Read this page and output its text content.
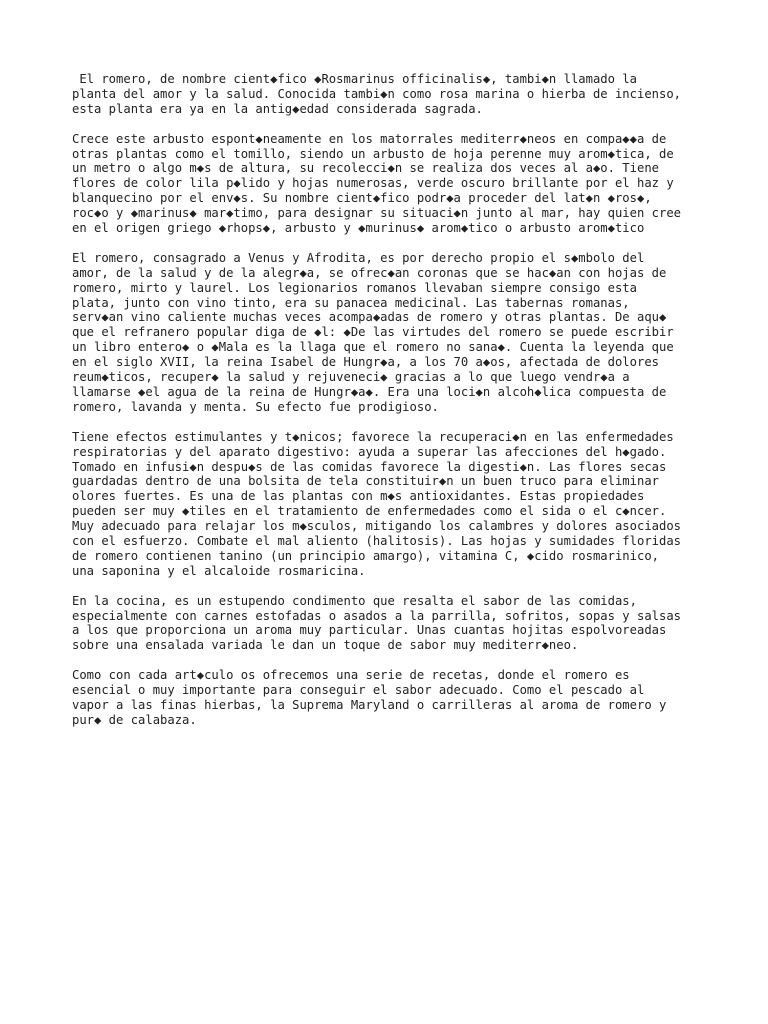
El romero, de nombre cient◆fico ◆Rosmarinus officinalis◆, tambi◆n llamado la
planta del amor y la salud. Conocida tambi◆n como rosa marina o hierba de incienso,
esta planta era ya en la antig◆edad considerada sagrada.
Crece este arbusto espont◆neamente en los matorrales mediterr◆neos en compa◆◆a de
otras plantas como el tomillo, siendo un arbusto de hoja perenne muy arom◆tica, de
un metro o algo m◆s de altura, su recolecci◆n se realiza dos veces al a◆o. Tiene
flores de color lila p◆lido y hojas numerosas, verde oscuro brillante por el haz y
blanquecino por el env◆s. Su nombre cient◆fico podr◆a proceder del lat◆n ◆ros◆,
roc◆o y ◆marinus◆ mar◆timo, para designar su situaci◆n junto al mar, hay quien cree
en el origen griego ◆rhops◆, arbusto y ◆murinus◆ arom◆tico o arbusto arom◆tico
El romero, consagrado a Venus y Afrodita, es por derecho propio el s◆mbolo del
amor, de la salud y de la alegr◆a, se ofrec◆an coronas que se hac◆an con hojas de
romero, mirto y laurel. Los legionarios romanos llevaban siempre consigo esta
plata, junto con vino tinto, era su panacea medicinal. Las tabernas romanas,
serv◆an vino caliente muchas veces acompa◆adas de romero y otras plantas. De aqu◆
que el refranero popular diga de ◆l: ◆De las virtudes del romero se puede escribir
un libro entero◆ o ◆Mala es la llaga que el romero no sana◆. Cuenta la leyenda que
en el siglo XVII, la reina Isabel de Hungr◆a, a los 70 a◆os, afectada de dolores
reum◆ticos, recuper◆ la salud y rejuveneci◆ gracias a lo que luego vendr◆a a
llamarse ◆el agua de la reina de Hungr◆a◆. Era una loci◆n alcoh◆lica compuesta de
romero, lavanda y menta. Su efecto fue prodigioso.
Tiene efectos estimulantes y t◆nicos; favorece la recuperaci◆n en las enfermedades
respiratorias y del aparato digestivo: ayuda a superar las afecciones del h◆gado.
Tomado en infusi◆n despu◆s de las comidas favorece la digesti◆n. Las flores secas
guardadas dentro de una bolsita de tela constituir◆n un buen truco para eliminar
olores fuertes. Es una de las plantas con m◆s antioxidantes. Estas propiedades
pueden ser muy ◆tiles en el tratamiento de enfermedades como el sida o el c◆ncer.
Muy adecuado para relajar los m◆sculos, mitigando los calambres y dolores asociados
con el esfuerzo. Combate el mal aliento (halitosis). Las hojas y sumidades floridas
de romero contienen tanino (un principio amargo), vitamina C, ◆cido rosmarinico,
una saponina y el alcaloide rosmaricina.
En la cocina, es un estupendo condimento que resalta el sabor de las comidas,
especialmente con carnes estofadas o asados a la parrilla, sofritos, sopas y salsas
a los que proporciona un aroma muy particular. Unas cuantas hojitas espolvoreadas
sobre una ensalada variada le dan un toque de sabor muy mediterr◆neo.
Como con cada art◆culo os ofrecemos una serie de recetas, donde el romero es
esencial o muy importante para conseguir el sabor adecuado. Como el pescado al
vapor a las finas hierbas, la Suprema Maryland o carrilleras al aroma de romero y
pur◆ de calabaza.
